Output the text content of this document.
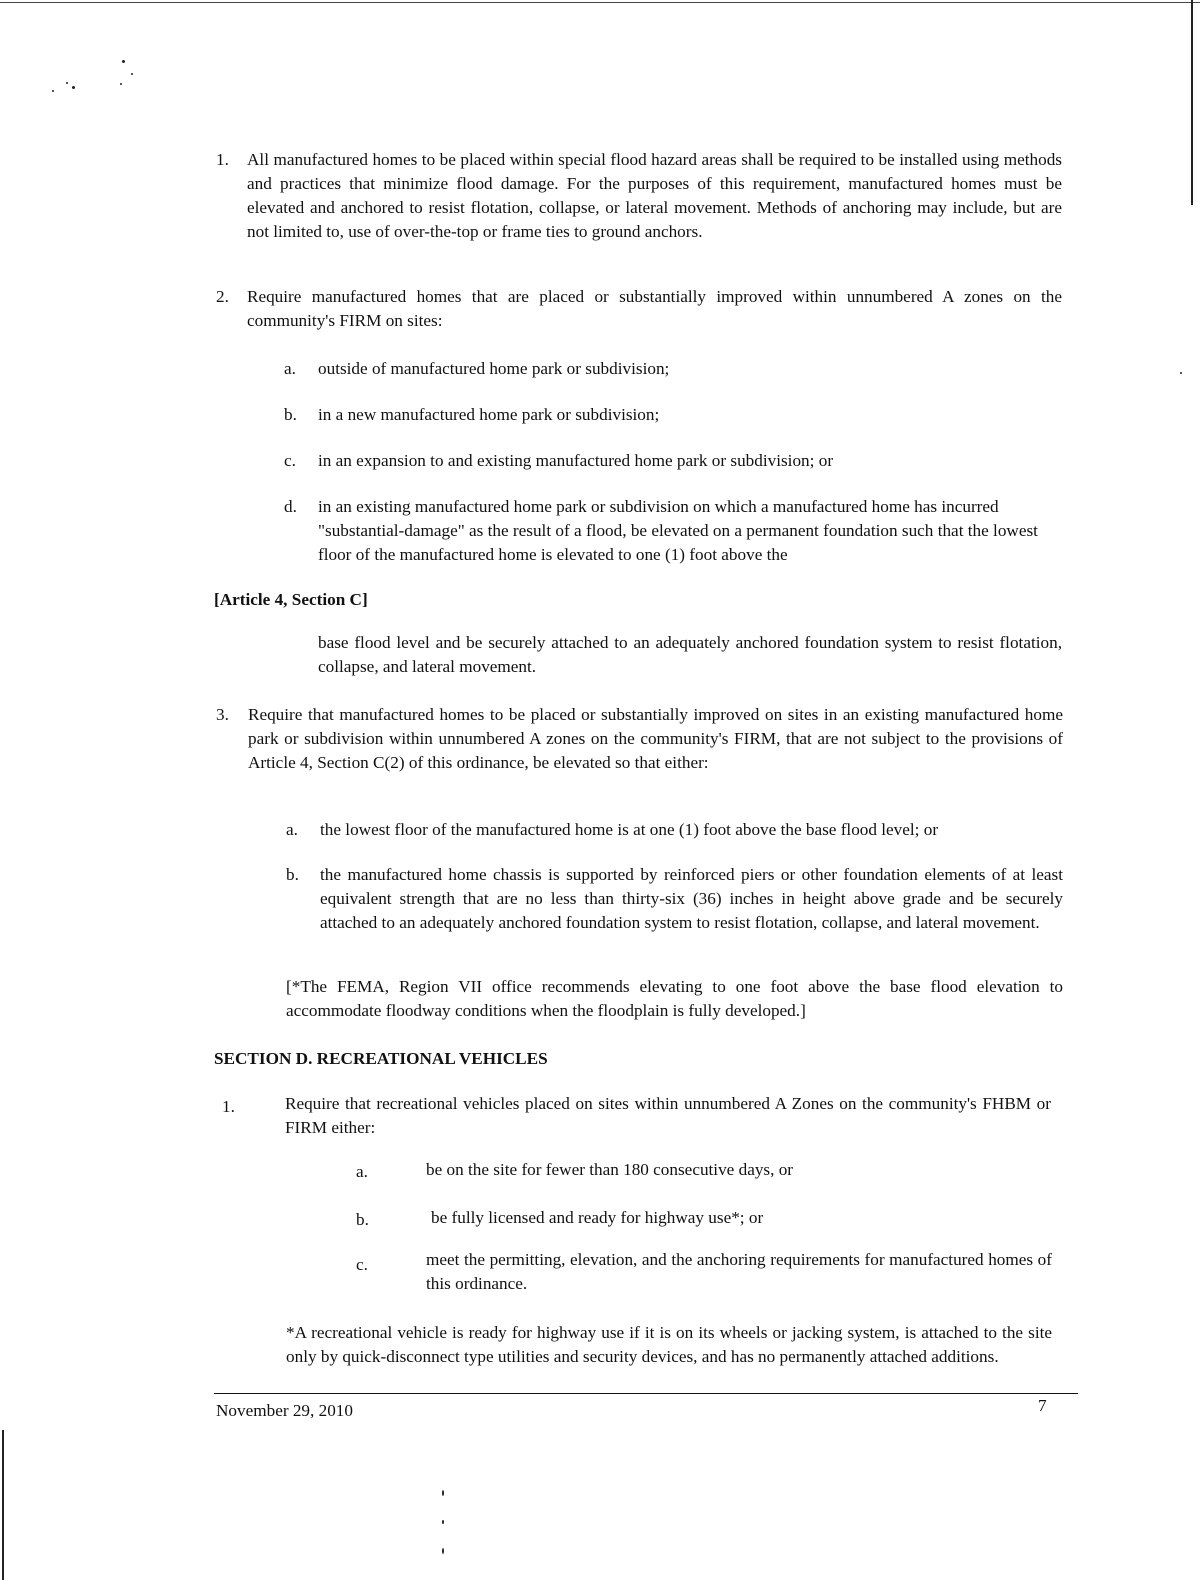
1. All manufactured homes to be placed within special flood hazard areas shall be required to be installed using methods and practices that minimize flood damage. For the purposes of this requirement, manufactured homes must be elevated and anchored to resist flotation, collapse, or lateral movement. Methods of anchoring may include, but are not limited to, use of over-the-top or frame ties to ground anchors.

2. Require manufactured homes that are placed or substantially improved within unnumbered A zones on the community's FIRM on sites:

a. outside of manufactured home park or subdivision;

b. in a new manufactured home park or subdivision;

c. in an expansion to and existing manufactured home park or subdivision; or

d. in an existing manufactured home park or subdivision on which a manufactured home has incurred "substantial-damage" as the result of a flood, be elevated on a permanent foundation such that the lowest floor of the manufactured home is elevated to one (1) foot above the

[Article 4, Section C]

base flood level and be securely attached to an adequately anchored foundation system to resist flotation, collapse, and lateral movement.

3. Require that manufactured homes to be placed or substantially improved on sites in an existing manufactured home park or subdivision within unnumbered A zones on the community's FIRM, that are not subject to the provisions of Article 4, Section C(2) of this ordinance, be elevated so that either:

a. the lowest floor of the manufactured home is at one (1) foot above the base flood level; or

b. the manufactured home chassis is supported by reinforced piers or other foundation elements of at least equivalent strength that are no less than thirty-six (36) inches in height above grade and be securely attached to an adequately anchored foundation system to resist flotation, collapse, and lateral movement.

[*The FEMA, Region VII office recommends elevating to one foot above the base flood elevation to accommodate floodway conditions when the floodplain is fully developed.]

SECTION D. RECREATIONAL VEHICLES
1.	Require that recreational vehicles placed on sites within unnumbered A Zones on the community's FHBM or FIRM either:

a.	be on the site for fewer than 180 consecutive days, or

b.	be fully licensed and ready for highway use*; or

c.	meet the permitting, elevation, and the anchoring requirements for manufactured homes of this ordinance.

*A recreational vehicle is ready for highway use if it is on its wheels or jacking system, is attached to the site only by quick-disconnect type utilities and security devices, and has no permanently attached additions.

November 29, 2010	7
